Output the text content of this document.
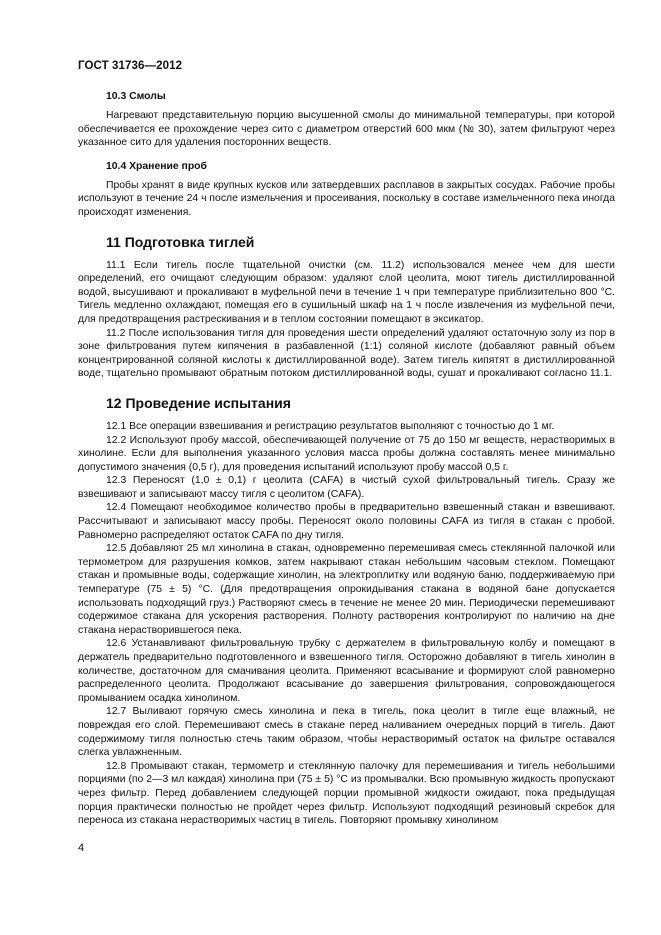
ГОСТ 31736—2012
10.3 Смолы

Нагревают представительную порцию высушенной смолы до минимальной температуры, при которой обеспечивается ее прохождение через сито с диаметром отверстий 600 мкм (№ 30), затем фильтруют через указанное сито для удаления посторонних веществ.

10.4 Хранение проб

Пробы хранят в виде крупных кусков или затвердевших расплавов в закрытых сосудах. Рабочие пробы используют в течение 24 ч после измельчения и просеивания, поскольку в составе измельченного пека иногда происходят изменения.

11 Подготовка тиглей

11.1 Если тигель после тщательной очистки (см. 11.2) использовался менее чем для шести определений, его очищают следующим образом: удаляют слой цеолита, моют тигель дистиллированной водой, высушивают и прокаливают в муфельной печи в течение 1 ч при температуре приблизительно 800 °C. Тигель медленно охлаждают, помещая его в сушильный шкаф на 1 ч после извлечения из муфельной печи, для предотвращения растрескивания и в теплом состоянии помещают в эксикатор.

11.2 После использования тигля для проведения шести определений удаляют остаточную золу из пор в зоне фильтрования путем кипячения в разбавленной (1:1) соляной кислоте (добавляют равный объем концентрированной соляной кислоты к дистиллированной воде). Затем тигель кипятят в дистиллированной воде, тщательно промывают обратным потоком дистиллированной воды, сушат и прокаливают согласно 11.1.

12 Проведение испытания

12.1 Все операции взвешивания и регистрацию результатов выполняют с точностью до 1 мг.

12.2 Используют пробу массой, обеспечивающей получение от 75 до 150 мг веществ, нерастворимых в хинолине. Если для выполнения указанного условия масса пробы должна составлять менее минимально допустимого значения (0,5 г), для проведения испытаний используют пробу массой 0,5 г.

12.3 Переносят (1,0 ± 0,1) г цеолита (CAFA) в чистый сухой фильтровальный тигель. Сразу же взвешивают и записывают массу тигля с цеолитом (CAFA).

12.4 Помещают необходимое количество пробы в предварительно взвешенный стакан и взвешивают. Рассчитывают и записывают массу пробы. Переносят около половины CAFA из тигля в стакан с пробой. Равномерно распределяют остаток CAFA по дну тигля.

12.5 Добавляют 25 мл хинолина в стакан, одновременно перемешивая смесь стеклянной палочкой или термометром для разрушения комков, затем накрывают стакан небольшим часовым стеклом. Помещают стакан и промывные воды, содержащие хинолин, на электроплитку или водяную баню, поддерживаемую при температуре (75 ± 5) °C. (Для предотвращения опрокидывания стакана в водяной бане допускается использовать подходящий груз.) Растворяют смесь в течение не менее 20 мин. Периодически перемешивают содержимое стакана для ускорения растворения. Полноту растворения контролируют по наличию на дне стакана нерастворившегося пека.

12.6 Устанавливают фильтровальную трубку с держателем в фильтровальную колбу и помещают в держатель предварительно подготовленного и взвешенного тигля. Осторожно добавляют в тигель хинолин в количестве, достаточном для смачивания цеолита. Применяют всасывание и формируют слой равномерно распределенного цеолита. Продолжают всасывание до завершения фильтрования, сопровождающегося промыванием осадка хинолином.

12.7 Выливают горячую смесь хинолина и пека в тигель, пока цеолит в тигле еще влажный, не повреждая его слой. Перемешивают смесь в стакане перед наливанием очередных порций в тигель. Дают содержимому тигля полностью стечь таким образом, чтобы нерастворимый остаток на фильтре оставался слегка увлажненным.

12.8 Промывают стакан, термометр и стеклянную палочку для перемешивания и тигель небольшими порциями (по 2—3 мл каждая) хинолина при (75 ± 5) °C из промывалки. Всю промывную жидкость пропускают через фильтр. Перед добавлением следующей порции промывной жидкости ожидают, пока предыдущая порция практически полностью не пройдет через фильтр. Используют подходящий резиновый скребок для переноса из стакана нерастворимых частиц в тигель. Повторяют промывку хинолином

4
